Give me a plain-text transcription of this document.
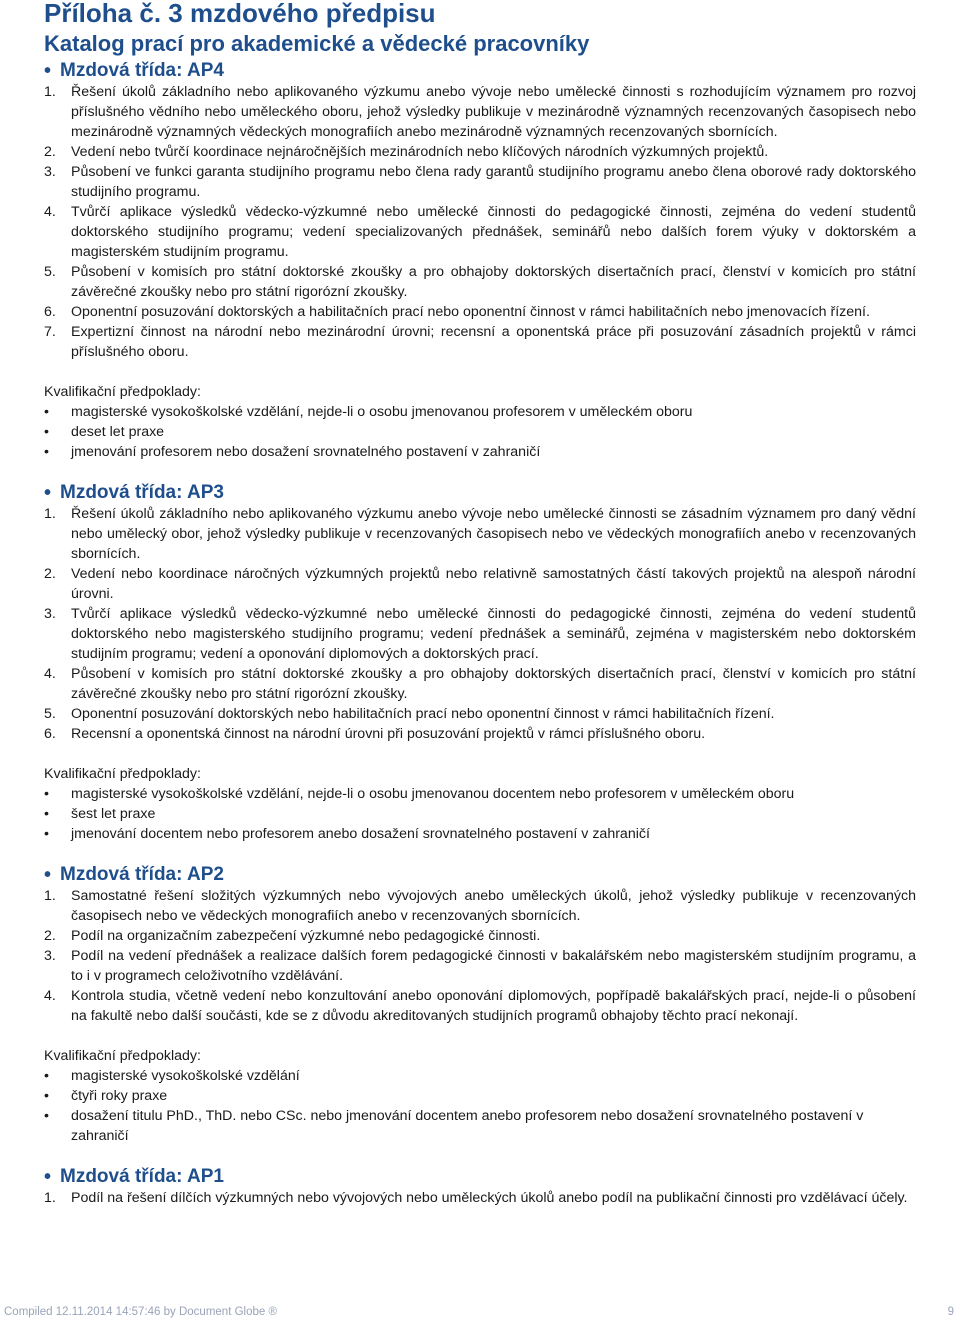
Příloha č. 3 mzdového předpisu
Katalog prací pro akademické a vědecké pracovníky
• Mzdová třída: AP4
1.	Řešení úkolů základního nebo aplikovaného výzkumu anebo vývoje nebo umělecké činnosti s rozhodujícím významem pro rozvoj příslušného vědního nebo uměleckého oboru, jehož výsledky publikuje v mezinárodně významných recenzovaných časopisech nebo mezinárodně významných vědeckých monografiích anebo mezinárodně významných recenzovaných sbornících.
2.	Vedení nebo tvůrčí koordinace nejnáročnějších mezinárodních nebo klíčových národních výzkumných projektů.
3.	Působení ve funkci garanta studijního programu nebo člena rady garantů studijního programu anebo člena oborové rady doktorského studijního programu.
4.	Tvůrčí aplikace výsledků vědecko-výzkumné nebo umělecké činnosti do pedagogické činnosti, zejména do vedení studentů doktorského studijního programu; vedení specializovaných přednášek, seminářů nebo dalších forem výuky v doktorském a magisterském studijním programu.
5.	Působení v komisích pro státní doktorské zkoušky a pro obhajoby doktorských disertačních prací, členství v komicích pro státní závěrečné zkoušky nebo pro státní rigorózní zkoušky.
6.	Oponentní posuzování doktorských a habilitačních prací nebo oponentní činnost v rámci habilitačních nebo jmenovacích řízení.
7.	Expertizní činnost na národní nebo mezinárodní úrovni; recensní a oponentská práce při posuzování zásadních projektů v rámci příslušného oboru.
Kvalifikační předpoklady:
•	magisterské vysokoškolské vzdělání, nejde-li o osobu jmenovanou profesorem v uměleckém oboru
•	deset let praxe
•	jmenování profesorem nebo dosažení srovnatelného postavení v zahraničí
• Mzdová třída: AP3
1.	Řešení úkolů základního nebo aplikovaného výzkumu anebo vývoje nebo umělecké činnosti se zásadním významem pro daný vědní nebo umělecký obor, jehož výsledky publikuje v recenzovaných časopisech nebo ve vědeckých monografiích anebo v recenzovaných sbornících.
2.	Vedení nebo koordinace náročných výzkumných projektů nebo relativně samostatných částí takových projektů na alespoň národní úrovni.
3.	Tvůrčí aplikace výsledků vědecko-výzkumné nebo umělecké činnosti do pedagogické činnosti, zejména do vedení studentů doktorského nebo magisterského studijního programu; vedení přednášek a seminářů, zejména v magisterském nebo doktorském studijním programu; vedení a oponování diplomových a doktorských prací.
4.	Působení v komisích pro státní doktorské zkoušky a pro obhajoby doktorských disertačních prací, členství v komicích pro státní závěrečné zkoušky nebo pro státní rigorózní zkoušky.
5.	Oponentní posuzování doktorských nebo habilitačních prací nebo oponentní činnost v rámci habilitačních řízení.
6.	Recensní a oponentská činnost na národní úrovni při posuzování projektů v rámci příslušného oboru.
Kvalifikační předpoklady:
•	magisterské vysokoškolské vzdělání, nejde-li o osobu jmenovanou docentem nebo profesorem v uměleckém oboru
•	šest let praxe
•	jmenování docentem nebo profesorem anebo dosažení srovnatelného postavení v zahraničí
• Mzdová třída: AP2
1.	Samostatné řešení složitých výzkumných nebo vývojových anebo uměleckých úkolů, jehož výsledky publikuje v recenzovaných časopisech nebo ve vědeckých monografiích anebo v recenzovaných sbornících.
2.	Podíl na organizačním zabezpečení výzkumné nebo pedagogické činnosti.
3.	Podíl na vedení přednášek a realizace dalších forem pedagogické činnosti v bakalářském nebo magisterském studijním programu, a to i v programech celoživotního vzdělávání.
4.	Kontrola studia, včetně vedení nebo konzultování anebo oponování diplomových, popřípadě bakalářských prací, nejde-li o působení na fakultě nebo další součásti, kde se z důvodu akreditovaných studijních programů obhajoby těchto prací nekonají.
Kvalifikační předpoklady:
•	magisterské vysokoškolské vzdělání
•	čtyři roky praxe
•	dosažení titulu PhD., ThD. nebo CSc. nebo jmenování docentem anebo profesorem nebo dosažení srovnatelného postavení v zahraničí
• Mzdová třída: AP1
1.	Podíl na řešení dílčích výzkumných nebo vývojových nebo uměleckých úkolů anebo podíl na publikační činnosti pro vzdělávací účely.
Compiled 12.11.2014 14:57:46 by Document Globe ®	9
